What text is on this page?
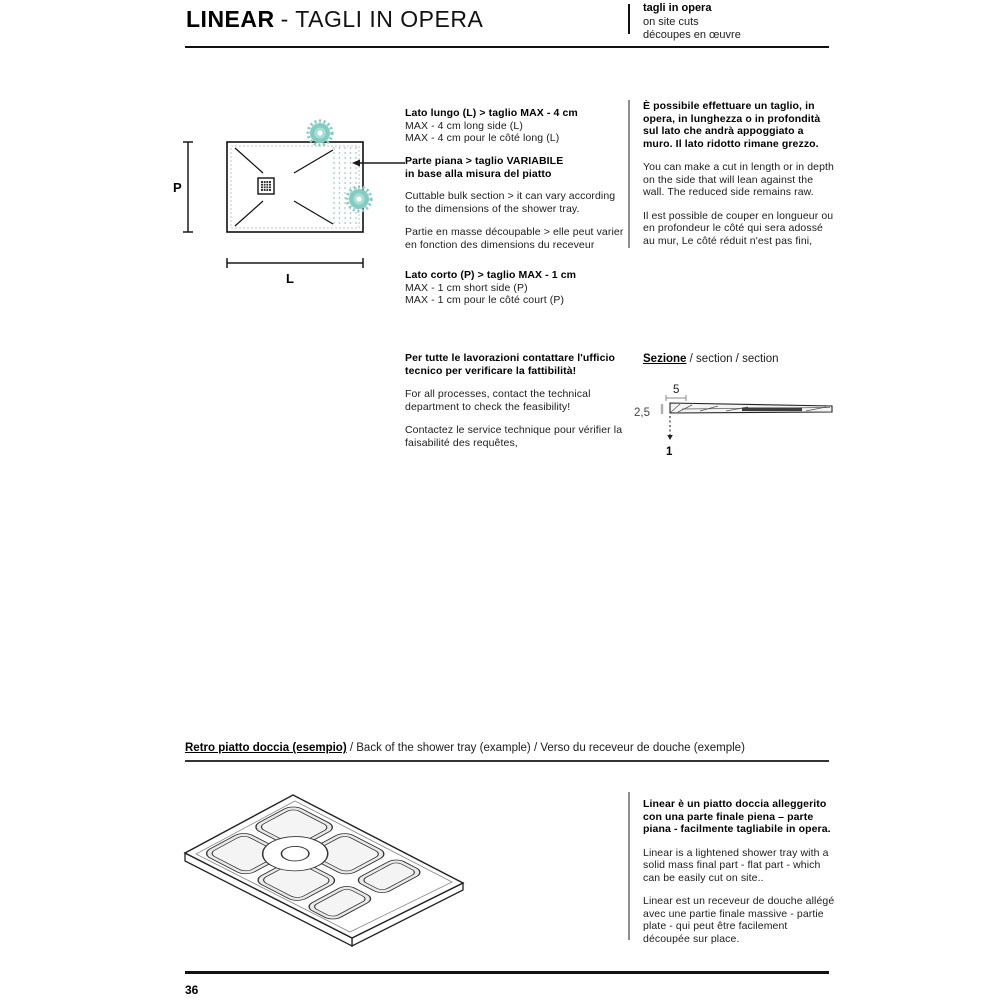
LINEAR - TAGLI IN OPERA	tagli in opera
on site cuts
découpes en œuvre
P
L
Lato lungo (L) > taglio MAX - 4 cm
MAX - 4 cm long side (L)
MAX - 4 cm pour le côté long (L)
Parte piana > taglio VARIABILE
in base alla misura del piatto

Cuttable bulk section > it can vary according to the dimensions of the shower tray.

Partie en masse découpable > elle peut varier en fonction des dimensions du receveur

Lato corto (P) > taglio MAX - 1 cm
MAX - 1 cm short side (P)
MAX - 1 cm pour le côté court (P)

Per tutte le lavorazioni contattare l'ufficio tecnico per verificare la fattibilità!

For all processes, contact the technical department to check the feasibility!

Contactez le service technique pour vérifier la faisabilité des requêtes,

È possibile effettuare un taglio, in opera, in lunghezza o in profondità sul lato che andrà appoggiato a muro. Il lato ridotto rimane grezzo.

You can make a cut in length or in depth on the side that will lean against the wall. The reduced side remains raw.

Il est possible de couper en longueur ou en profondeur le côté qui sera adossé au mur, Le côté réduit n'est pas fini,

Sezione / section / section
5
2,5
1
Retro piatto doccia (esempio) / Back of the shower tray (example) / Verso du receveur de douche (exemple)

Linear è un piatto doccia alleggerito con una parte finale piena – parte piana - facilmente tagliabile in opera.

Linear is a lightened shower tray with a solid mass final part - flat part - which can be easily cut on site..

Linear est un receveur de douche allégé avec une partie finale massive - partie plate - qui peut être facilement découpée sur place.

36
